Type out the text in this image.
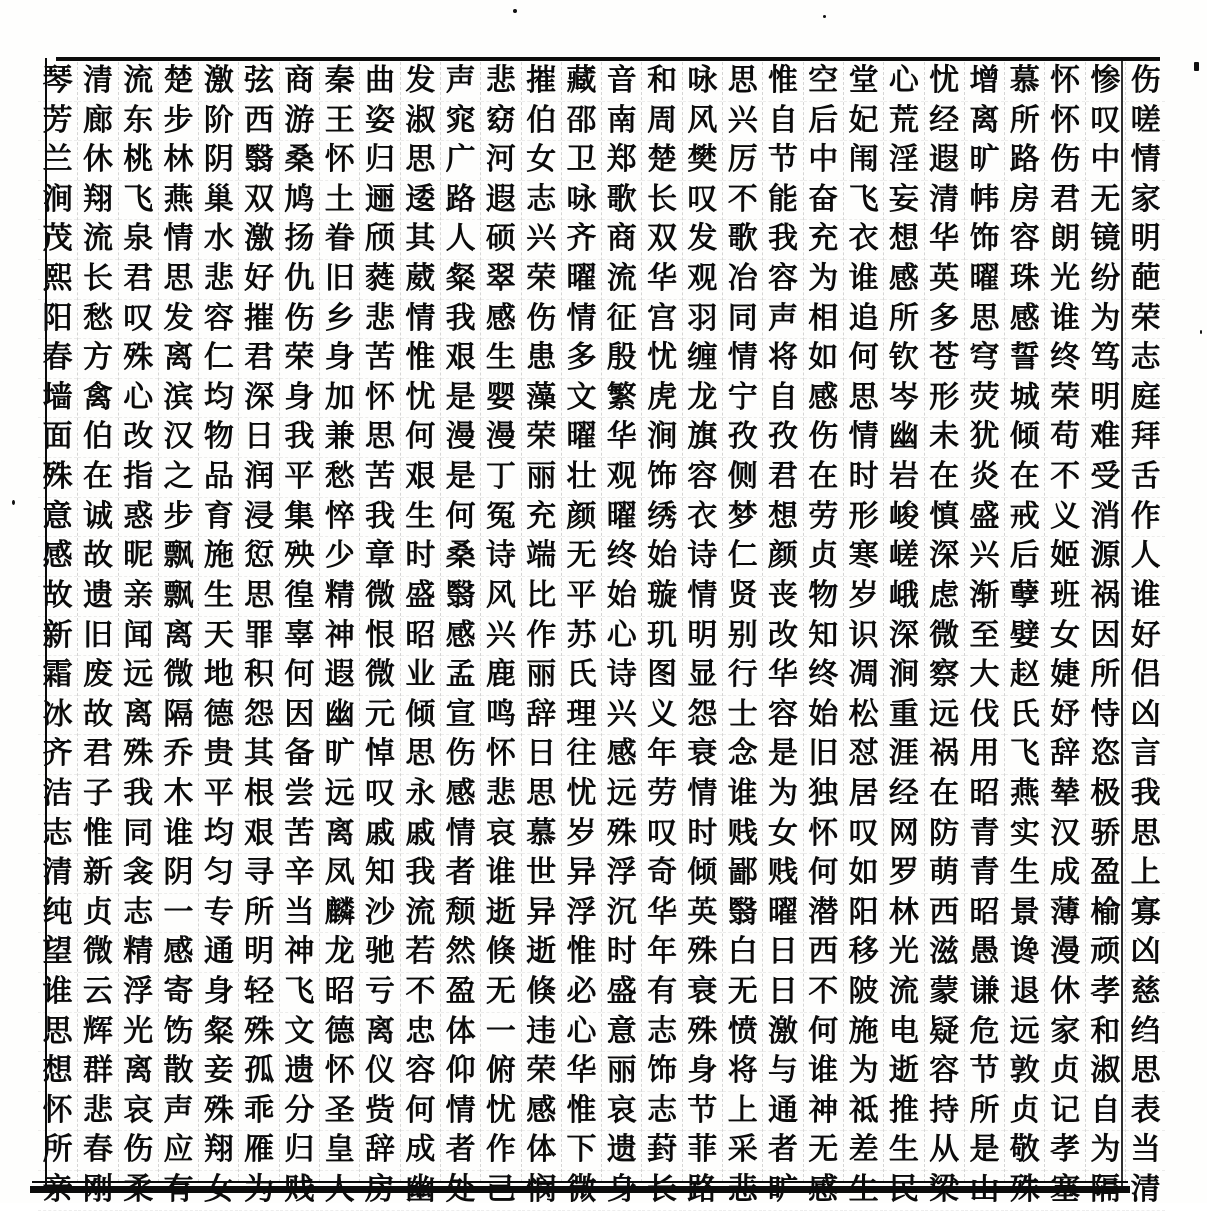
琴
芳
兰
涧
茂
熙
阳
春
墙
面
殊
意
感
故
新
霜
冰
齐
洁
志
清
纯
望
谁
思
想
怀
所
亲
清
廊
休
翔
流
长
愁
方
禽
伯
在
诚
故
遗
旧
废
故
君
子
惟
新
贞
微
云
辉
群
悲
春
刚
流
东
桃
飞
泉
君
叹
殊
心
改
指
惑
昵
亲
闻
远
离
殊
我
同
衾
志
精
浮
光
离
哀
伤
柔
楚
步
林
燕
情
思
发
离
滨
汉
之
步
飘
飘
离
微
隔
乔
木
谁
阴
一
感
寄
饬
散
声
应
有
激
阶
阴
巢
水
悲
容
仁
均
物
品
育
施
生
天
地
德
贵
平
均
匀
专
通
身
粲
妾
殊
翔
女
弦
西
翳
双
激
好
摧
君
深
日
润
浸
愆
思
罪
积
怨
其
根
艰
寻
所
明
轻
殊
孤
乖
雁
为
商
游
桑
鸠
扬
仇
伤
荣
身
我
平
集
殃
徨
辜
何
因
备
尝
苦
辛
当
神
飞
文
遗
分
归
贱
秦
王
怀
土
眷
旧
乡
身
加
兼
愁
悴
少
精
神
遐
幽
旷
远
离
凤
麟
龙
昭
德
怀
圣
皇
人
曲
姿
归
逦
颀
蕤
悲
苦
怀
思
苦
我
章
微
恨
微
元
悼
叹
戚
知
沙
驰
亏
离
仪
赀
辞
房
发
淑
思
逶
其
葳
情
惟
忧
何
艰
生
时
盛
昭
业
倾
思
永
戚
我
流
若
不
忠
容
何
成
幽
声
窕
广
路
人
粲
我
艰
是
漫
是
何
桑
翳
感
孟
宣
伤
感
情
者
颓
然
盈
体
仰
情
者
处
悲
窈
河
遐
硕
翠
感
生
婴
漫
丁
冤
诗
风
兴
鹿
鸣
怀
悲
哀
谁
逝
倏
无
一
俯
忧
作
己
摧
伯
女
志
兴
荣
伤
患
藻
荣
丽
充
端
比
作
丽
辞
日
思
慕
世
异
逝
倏
违
荣
感
体
悯
藏
邵
卫
咏
齐
曜
情
多
文
曜
壮
颜
无
平
苏
氏
理
往
忧
岁
异
浮
惟
必
心
华
惟
下
微
音
南
郑
歌
商
流
征
殷
繁
华
观
曜
终
始
心
诗
兴
感
远
殊
浮
沉
时
盛
意
丽
哀
遗
身
和
周
楚
长
双
华
宫
忧
虎
涧
饰
绣
始
璇
玑
图
义
年
劳
叹
奇
华
年
有
志
饰
志
葑
长
咏
风
樊
叹
发
观
羽
缠
龙
旗
容
衣
诗
情
明
显
怨
衰
情
时
倾
英
殊
衰
殊
身
节
菲
路
思
兴
厉
不
歌
冶
同
情
宁
孜
侧
梦
仁
贤
别
行
士
念
谁
贱
鄙
翳
白
无
愤
将
上
采
悲
惟
自
节
能
我
容
声
将
自
孜
君
想
颜
丧
改
华
容
是
为
女
贱
曜
日
日
激
与
通
者
旷
空
后
中
奋
充
为
相
如
感
伤
在
劳
贞
物
知
终
始
旧
独
怀
何
潜
西
不
何
谁
神
无
感
堂
妃
闱
飞
衣
谁
追
何
思
情
时
形
寒
岁
识
凋
松
怼
居
叹
如
阳
移
陂
施
为
祗
差
生
心
荒
淫
妄
想
感
所
钦
岑
幽
岩
峻
嵯
峨
深
涧
重
涯
经
网
罗
林
光
流
电
逝
推
生
民
忧
经
遐
清
华
英
多
苍
形
未
在
慎
深
虑
微
察
远
祸
在
防
萌
西
滋
蒙
疑
容
持
从
梁
增
离
旷
帏
饰
曜
思
穹
荧
犹
炎
盛
兴
渐
至
大
伐
用
昭
青
青
昭
愚
谦
危
节
所
是
山
慕
所
路
房
容
珠
感
誓
城
倾
在
戒
后
孽
嬖
赵
氏
飞
燕
实
生
景
谗
退
远
敦
贞
敬
殊
怀
怀
伤
君
朗
光
谁
终
荣
苟
不
义
姬
班
女
婕
妤
辞
辇
汉
成
薄
漫
休
家
贞
记
孝
塞
惨
叹
中
无
镜
纷
为
笃
明
难
受
消
源
祸
因
所
恃
恣
极
骄
盈
榆
顽
孝
和
淑
自
为
隔
伤
嗟
情
家
明
葩
荣
志
庭
拜
舌
作
人
谁
好
侣
凶
言
我
思
上
寡
凶
慈
绉
思
表
当
清
